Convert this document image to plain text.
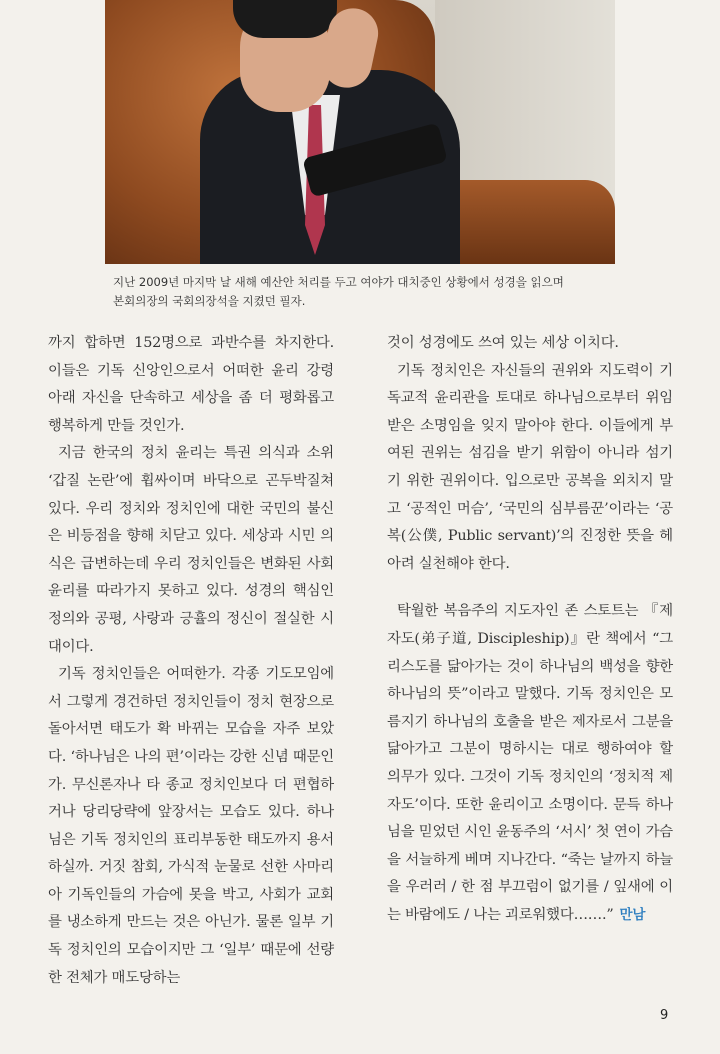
지난 2009년 마지막 날 새해 예산안 처리를 두고 여야가 대치중인 상황에서 성경을 읽으며
본회의장의 국회의장석을 지켰던 필자.

까지 합하면 152명으로 과반수를 차지한다. 이들은 기독 신앙인으로서 어떠한 윤리 강령 아래 자신을 단속하고 세상을 좀 더 평화롭고 행복하게 만들 것인가.

지금 한국의 정치 윤리는 특권 의식과 소위 ‘갑질 논란’에 휩싸이며 바닥으로 곤두박질쳐있다. 우리 정치와 정치인에 대한 국민의 불신은 비등점을 향해 치닫고 있다. 세상과 시민 의식은 급변하는데 우리 정치인들은 변화된 사회 윤리를 따라가지 못하고 있다. 성경의 핵심인 정의와 공평, 사랑과 긍휼의 정신이 절실한 시대이다.

기독 정치인들은 어떠한가. 각종 기도모임에서 그렇게 경건하던 정치인들이 정치 현장으로 돌아서면 태도가 확 바뀌는 모습을 자주 보았다. ‘하나님은 나의 편’이라는 강한 신념 때문인가. 무신론자나 타 종교 정치인보다 더 편협하거나 당리당략에 앞장서는 모습도 있다. 하나님은 기독 정치인의 표리부동한 태도까지 용서하실까. 거짓 참회, 가식적 눈물로 선한 사마리아 기독인들의 가슴에 못을 박고, 사회가 교회를 냉소하게 만드는 것은 아닌가. 물론 일부 기독 정치인의 모습이지만 그 ‘일부’ 때문에 선량한 전체가 매도당하는

것이 성경에도 쓰여 있는 세상 이치다.

기독 정치인은 자신들의 권위와 지도력이 기독교적 윤리관을 토대로 하나님으로부터 위임받은 소명임을 잊지 말아야 한다. 이들에게 부여된 권위는 섬김을 받기 위함이 아니라 섬기기 위한 권위이다. 입으로만 공복을 외치지 말고 ‘공적인 머슴’, ‘국민의 심부름꾼’이라는 ‘공복(公僕, Public servant)’의 진정한 뜻을 헤아려 실천해야 한다.

탁월한 복음주의 지도자인 존 스토트는 『제자도(弟子道, Discipleship)』란 책에서 “그리스도를 닮아가는 것이 하나님의 백성을 향한 하나님의 뜻”이라고 말했다. 기독 정치인은 모름지기 하나님의 호출을 받은 제자로서 그분을 닮아가고 그분이 명하시는 대로 행하여야 할 의무가 있다. 그것이 기독 정치인의 ‘정치적 제자도’이다. 또한 윤리이고 소명이다. 문득 하나님을 믿었던 시인 윤동주의 ‘서시’ 첫 연이 가슴을 서늘하게 베며 지나간다. “죽는 날까지 하늘을 우러러 / 한 점 부끄럼이 없기를 / 잎새에 이는 바람에도 / 나는 괴로워했다…….” 만남

9
